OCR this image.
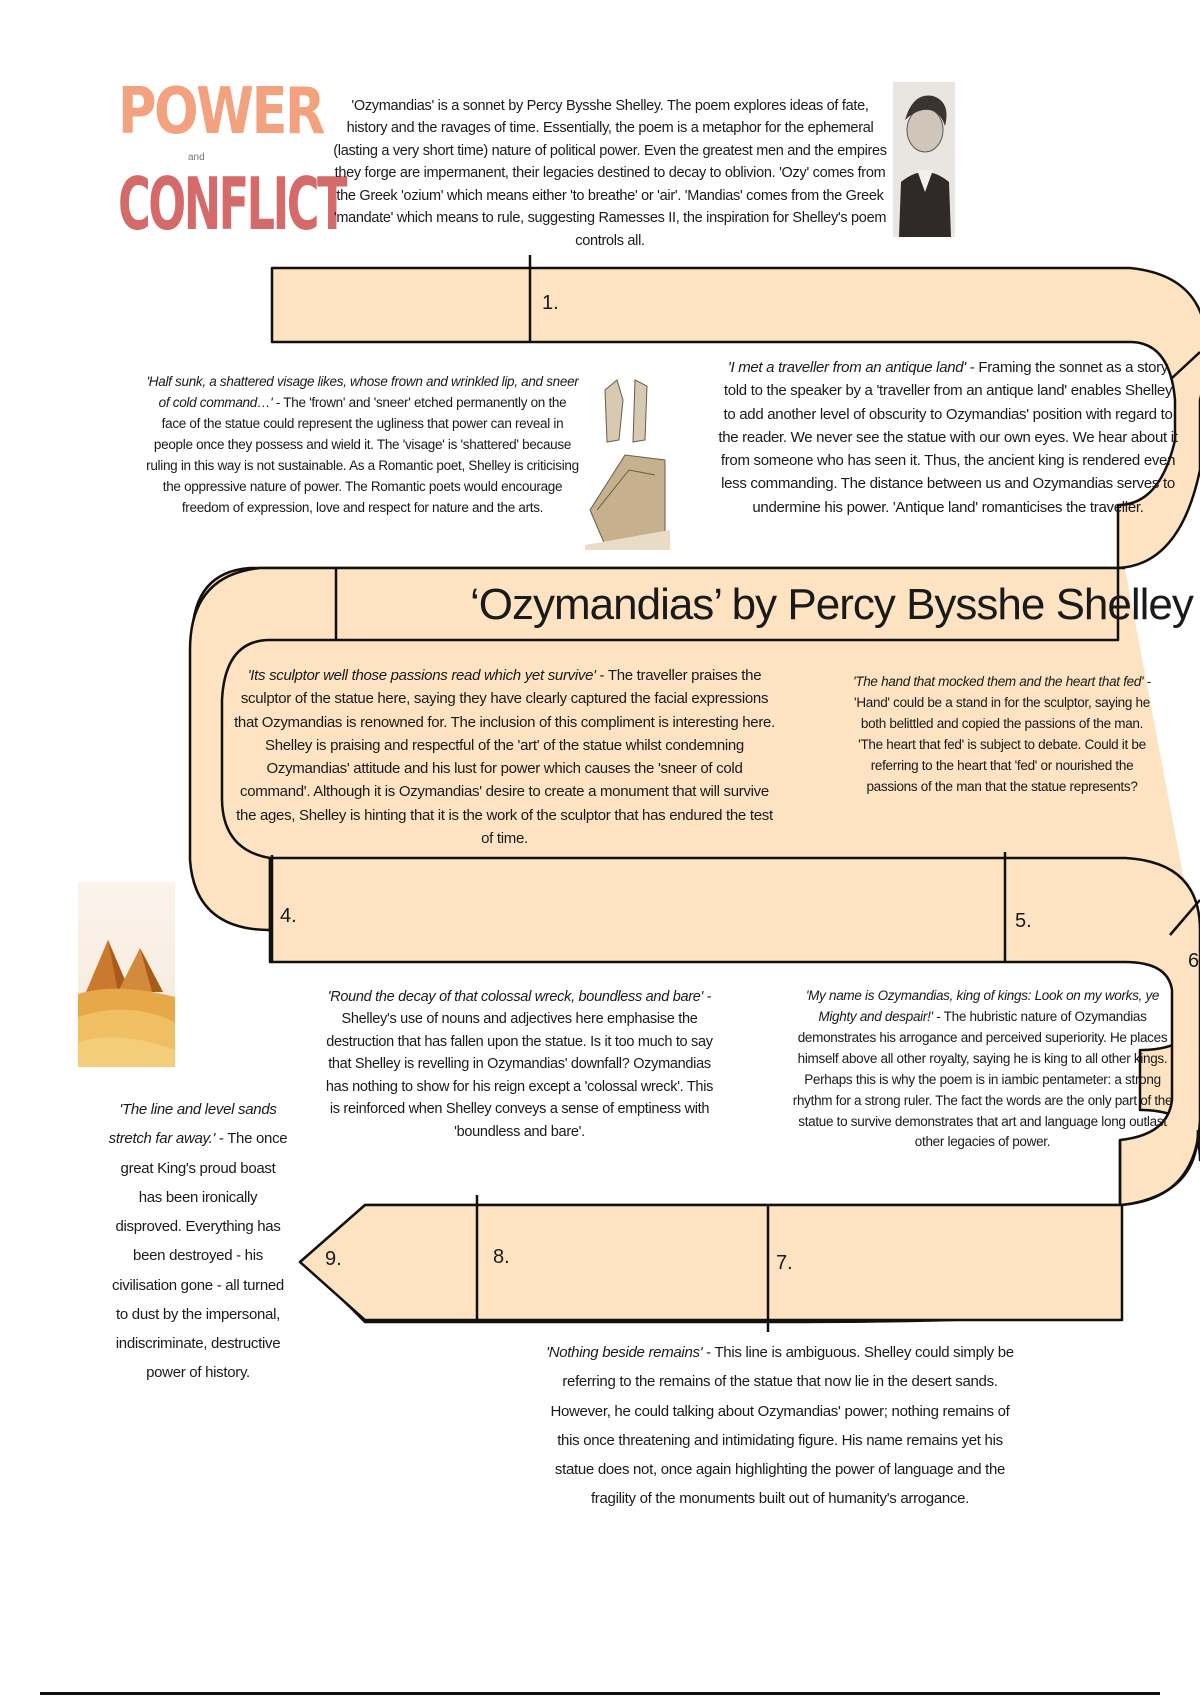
POWER
and
CONFLICT
'Ozymandias' is a sonnet by Percy Bysshe Shelley. The poem explores ideas of fate, history and the ravages of time. Essentially, the poem is a metaphor for the ephemeral (lasting a very short time) nature of political power. Even the greatest men and the empires they forge are impermanent, their legacies destined to decay to oblivion. 'Ozy' comes from the Greek 'ozium' which means either 'to breathe' or 'air'. 'Mandias' comes from the Greek 'mandate' which means to rule, suggesting Ramesses II, the inspiration for Shelley's poem controls all.
1.
4.	5.
6
9.	8.	7.
‘Ozymandias’ by Percy Bysshe Shelley
'Half sunk, a shattered visage likes, whose frown and wrinkled lip, and sneer of cold command…' - The 'frown' and 'sneer' etched permanently on the face of the statue could represent the ugliness that power can reveal in people once they possess and wield it. The 'visage' is 'shattered' because ruling in this way is not sustainable. As a Romantic poet, Shelley is criticising the oppressive nature of power. The Romantic poets would encourage freedom of expression, love and respect for nature and the arts.
'I met a traveller from an antique land' - Framing the sonnet as a story told to the speaker by a 'traveller from an antique land' enables Shelley to add another level of obscurity to Ozymandias' position with regard to the reader. We never see the statue with our own eyes. We hear about it from someone who has seen it. Thus, the ancient king is rendered even less commanding. The distance between us and Ozymandias serves to undermine his power. 'Antique land' romanticises the traveller.
'Its sculptor well those passions read which yet survive' - The traveller praises the sculptor of the statue here, saying they have clearly captured the facial expressions that Ozymandias is renowned for. The inclusion of this compliment is interesting here. Shelley is praising and respectful of the 'art' of the statue whilst condemning Ozymandias' attitude and his lust for power which causes the 'sneer of cold command'. Although it is Ozymandias' desire to create a monument that will survive the ages, Shelley is hinting that it is the work of the sculptor that has endured the test of time.
'The hand that mocked them and the heart that fed' - 'Hand' could be a stand in for the sculptor, saying he both belittled and copied the passions of the man. 'The heart that fed' is subject to debate. Could it be referring to the heart that 'fed' or nourished the passions of the man that the statue represents?
'Round the decay of that colossal wreck, boundless and bare' - Shelley's use of nouns and adjectives here emphasise the destruction that has fallen upon the statue. Is it too much to say that Shelley is revelling in Ozymandias' downfall? Ozymandias has nothing to show for his reign except a 'colossal wreck'. This is reinforced when Shelley conveys a sense of emptiness with 'boundless and bare'.
'My name is Ozymandias, king of kings: Look on my works, ye Mighty and despair!' - The hubristic nature of Ozymandias demonstrates his arrogance and perceived superiority. He places himself above all other royalty, saying he is king to all other kings. Perhaps this is why the poem is in iambic pentameter: a strong rhythm for a strong ruler. The fact the words are the only part of the statue to survive demonstrates that art and language long outlast other legacies of power.
'The line and level sands stretch far away.' - The once great King's proud boast has been ironically disproved. Everything has been destroyed - his civilisation gone - all turned to dust by the impersonal, indiscriminate, destructive power of history.
'Nothing beside remains' - This line is ambiguous. Shelley could simply be referring to the remains of the statue that now lie in the desert sands. However, he could talking about Ozymandias' power; nothing remains of this once threatening and intimidating figure. His name remains yet his statue does not, once again highlighting the power of language and the fragility of the monuments built out of humanity's arrogance.
